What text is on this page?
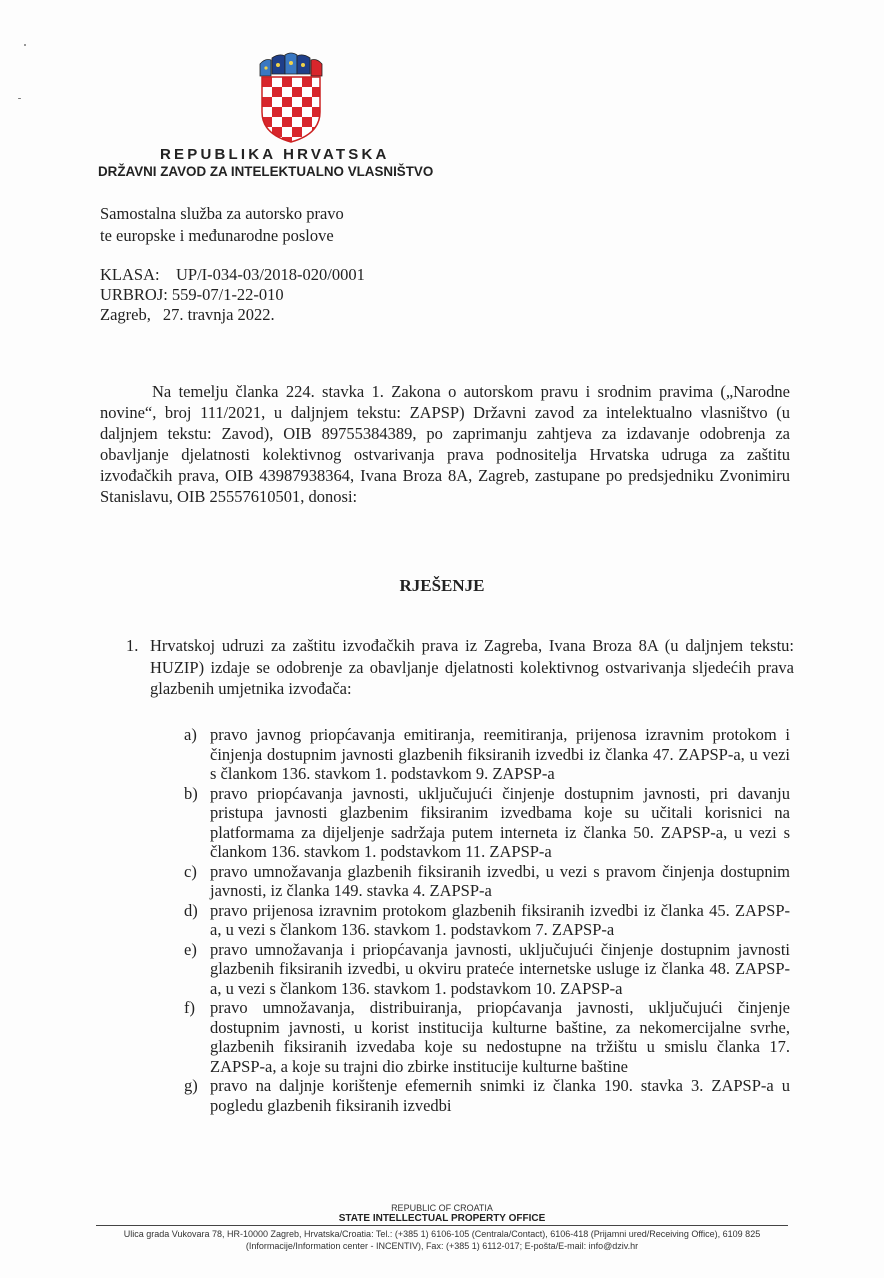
REPUBLIKA HRVATSKA
DRŽAVNI ZAVOD ZA INTELEKTUALNO VLASNIŠTVO
Samostalna služba za autorsko pravo
te europske i međunarodne poslove
KLASA: UP/I-034-03/2018-020/0001
URBROJ: 559-07/1-22-010
Zagreb, 27. travnja 2022.

Na temelju članka 224. stavka 1. Zakona o autorskom pravu i srodnim pravima („Narodne novine“, broj 111/2021, u daljnjem tekstu: ZAPSP) Državni zavod za intelektualno vlasništvo (u daljnjem tekstu: Zavod), OIB 89755384389, po zaprimanju zahtjeva za izdavanje odobrenja za obavljanje djelatnosti kolektivnog ostvarivanja prava podnositelja Hrvatska udruga za zaštitu izvođačkih prava, OIB 43987938364, Ivana Broza 8A, Zagreb, zastupane po predsjedniku Zvonimiru Stanislavu, OIB 25557610501, donosi:

RJEŠENJE
1. Hrvatskoj udruzi za zaštitu izvođačkih prava iz Zagreba, Ivana Broza 8A (u daljnjem tekstu: HUZIP) izdaje se odobrenje za obavljanje djelatnosti kolektivnog ostvarivanja sljedećih prava glazbenih umjetnika izvođača:
a) pravo javnog priopćavanja emitiranja, reemitiranja, prijenosa izravnim protokom i činjenja dostupnim javnosti glazbenih fiksiranih izvedbi iz članka 47. ZAPSP-a, u vezi s člankom 136. stavkom 1. podstavkom 9. ZAPSP-a
b) pravo priopćavanja javnosti, uključujući činjenje dostupnim javnosti, pri davanju pristupa javnosti glazbenim fiksiranim izvedbama koje su učitali korisnici na platformama za dijeljenje sadržaja putem interneta iz članka 50. ZAPSP-a, u vezi s člankom 136. stavkom 1. podstavkom 11. ZAPSP-a
c) pravo umnožavanja glazbenih fiksiranih izvedbi, u vezi s pravom činjenja dostupnim javnosti, iz članka 149. stavka 4. ZAPSP-a
d) pravo prijenosa izravnim protokom glazbenih fiksiranih izvedbi iz članka 45. ZAPSP-a, u vezi s člankom 136. stavkom 1. podstavkom 7. ZAPSP-a
e) pravo umnožavanja i priopćavanja javnosti, uključujući činjenje dostupnim javnosti glazbenih fiksiranih izvedbi, u okviru prateće internetske usluge iz članka 48. ZAPSP-a, u vezi s člankom 136. stavkom 1. podstavkom 10. ZAPSP-a
f) pravo umnožavanja, distribuiranja, priopćavanja javnosti, uključujući činjenje dostupnim javnosti, u korist institucija kulturne baštine, za nekomercijalne svrhe, glazbenih fiksiranih izvedaba koje su nedostupne na tržištu u smislu članka 17. ZAPSP-a, a koje su trajni dio zbirke institucije kulturne baštine
g) pravo na daljnje korištenje efemernih snimki iz članka 190. stavka 3. ZAPSP-a u pogledu glazbenih fiksiranih izvedbi
REPUBLIC OF CROATIA
STATE INTELLECTUAL PROPERTY OFFICE
Ulica grada Vukovara 78, HR-10000 Zagreb, Hrvatska/Croatia: Tel.: (+385 1) 6106-105 (Centrala/Contact), 6106-418 (Prijamni ured/Receiving Office), 6109 825 (Informacije/Information center - INCENTIV), Fax: (+385 1) 6112-017; E-pošta/E-mail: info@dziv.hr
